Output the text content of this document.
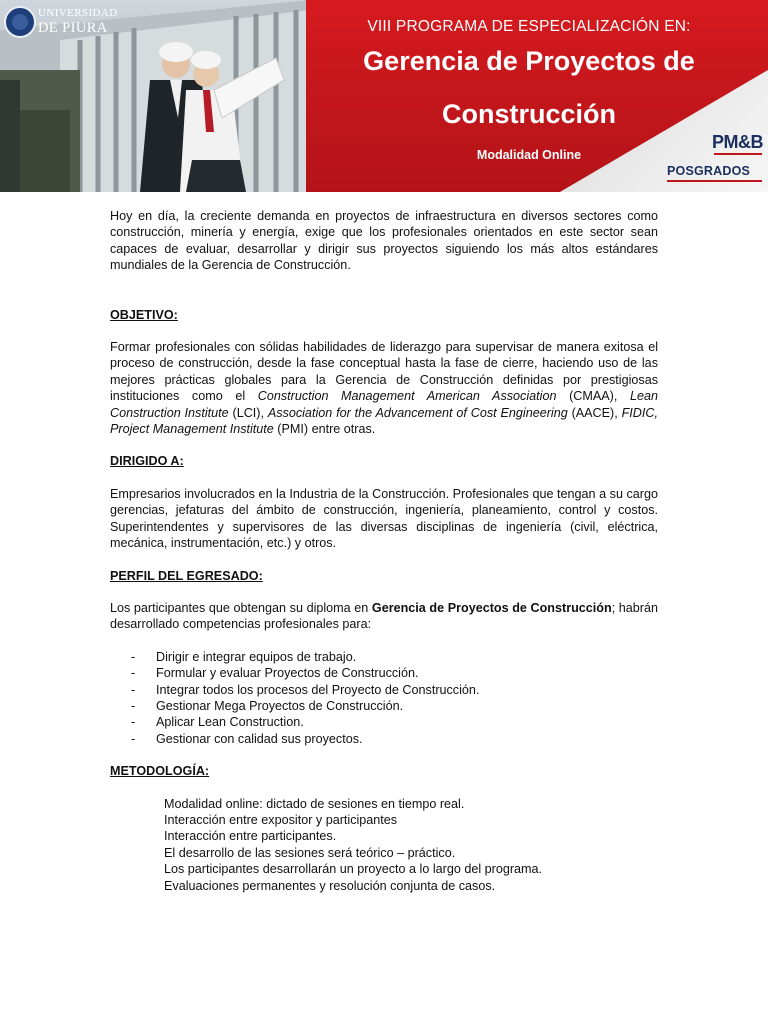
UNIVERSIDAD
DE PIURA	VIII PROGRAMA DE ESPECIALIZACIÓN EN:
Gerencia de Proyectos de
Construcción
Modalidad Online
PM&B
POSGRADOS

Hoy en día, la creciente demanda en proyectos de infraestructura en diversos sectores como construcción, minería y energía, exige que los profesionales orientados en este sector sean capaces de evaluar, desarrollar y dirigir sus proyectos siguiendo los más altos estándares mundiales de la Gerencia de Construcción.

OBJETIVO:

Formar profesionales con sólidas habilidades de liderazgo para supervisar de manera exitosa el proceso de construcción, desde la fase conceptual hasta la fase de cierre, haciendo uso de las mejores prácticas globales para la Gerencia de Construcción definidas por prestigiosas instituciones como el Construction Management American Association (CMAA), Lean Construction Institute (LCI), Association for the Advancement of Cost Engineering (AACE), FIDIC, Project Management Institute (PMI) entre otras.

DIRIGIDO A:

Empresarios involucrados en la Industria de la Construcción. Profesionales que tengan a su cargo gerencias, jefaturas del ámbito de construcción, ingeniería, planeamiento, control y costos. Superintendentes y supervisores de las diversas disciplinas de ingeniería (civil, eléctrica, mecánica, instrumentación, etc.) y otros.

PERFIL DEL EGRESADO:

Los participantes que obtengan su diploma en Gerencia de Proyectos de Construcción; habrán desarrollado competencias profesionales para:

- Dirigir e integrar equipos de trabajo.
- Formular y evaluar Proyectos de Construcción.
- Integrar todos los procesos del Proyecto de Construcción.
- Gestionar Mega Proyectos de Construcción.
- Aplicar Lean Construction.
- Gestionar con calidad sus proyectos.

METODOLOGÍA:

Modalidad online: dictado de sesiones en tiempo real.
Interacción entre expositor y participantes
Interacción entre participantes.
El desarrollo de las sesiones será teórico – práctico.
Los participantes desarrollarán un proyecto a lo largo del programa.
Evaluaciones permanentes y resolución conjunta de casos.
